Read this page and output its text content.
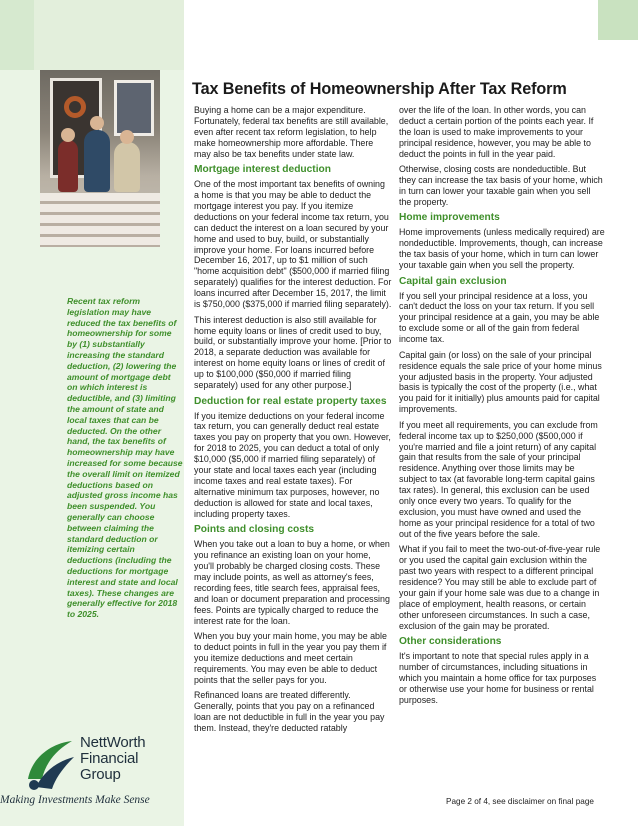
Recent tax reform legislation may have reduced the tax benefits of homeownership for some by (1) substantially increasing the standard deduction, (2) lowering the amount of mortgage debt on which interest is deductible, and (3) limiting the amount of state and local taxes that can be deducted. On the other hand, the tax benefits of homeownership may have increased for some because the overall limit on itemized deductions based on adjusted gross income has been suspended. You generally can choose between claiming the standard deduction or itemizing certain deductions (including the deductions for mortgage interest and state and local taxes). These changes are generally effective for 2018 to 2025.
NettWorth
Financial
Group
Making Investments Make Sense
Tax Benefits of Homeownership After Tax Reform

Buying a home can be a major expenditure. Fortunately, federal tax benefits are still available, even after recent tax reform legislation, to help make homeownership more affordable. There may also be tax benefits under state law.

Mortgage interest deduction

One of the most important tax benefits of owning a home is that you may be able to deduct the mortgage interest you pay. If you itemize deductions on your federal income tax return, you can deduct the interest on a loan secured by your home and used to buy, build, or substantially improve your home. For loans incurred before December 16, 2017, up to $1 million of such "home acquisition debt" ($500,000 if married filing separately) qualifies for the interest deduction. For loans incurred after December 15, 2017, the limit is $750,000 ($375,000 if married filing separately).

This interest deduction is also still available for home equity loans or lines of credit used to buy, build, or substantially improve your home. [Prior to 2018, a separate deduction was available for interest on home equity loans or lines of credit of up to $100,000 ($50,000 if married filing separately) used for any other purpose.]

Deduction for real estate property taxes

If you itemize deductions on your federal income tax return, you can generally deduct real estate taxes you pay on property that you own. However, for 2018 to 2025, you can deduct a total of only $10,000 ($5,000 if married filing separately) of your state and local taxes each year (including income taxes and real estate taxes). For alternative minimum tax purposes, however, no deduction is allowed for state and local taxes, including property taxes.

Points and closing costs

When you take out a loan to buy a home, or when you refinance an existing loan on your home, you'll probably be charged closing costs. These may include points, as well as attorney's fees, recording fees, title search fees, appraisal fees, and loan or document preparation and processing fees. Points are typically charged to reduce the interest rate for the loan.

When you buy your main home, you may be able to deduct points in full in the year you pay them if you itemize deductions and meet certain requirements. You may even be able to deduct points that the seller pays for you.

Refinanced loans are treated differently. Generally, points that you pay on a refinanced loan are not deductible in full in the year you pay them. Instead, they're deducted ratably

over the life of the loan. In other words, you can deduct a certain portion of the points each year. If the loan is used to make improvements to your principal residence, however, you may be able to deduct the points in full in the year paid.

Otherwise, closing costs are nondeductible. But they can increase the tax basis of your home, which in turn can lower your taxable gain when you sell the property.

Home improvements

Home improvements (unless medically required) are nondeductible. Improvements, though, can increase the tax basis of your home, which in turn can lower your taxable gain when you sell the property.

Capital gain exclusion

If you sell your principal residence at a loss, you can't deduct the loss on your tax return. If you sell your principal residence at a gain, you may be able to exclude some or all of the gain from federal income tax.

Capital gain (or loss) on the sale of your principal residence equals the sale price of your home minus your adjusted basis in the property. Your adjusted basis is typically the cost of the property (i.e., what you paid for it initially) plus amounts paid for capital improvements.

If you meet all requirements, you can exclude from federal income tax up to $250,000 ($500,000 if you're married and file a joint return) of any capital gain that results from the sale of your principal residence. Anything over those limits may be subject to tax (at favorable long-term capital gains tax rates). In general, this exclusion can be used only once every two years. To qualify for the exclusion, you must have owned and used the home as your principal residence for a total of two out of the five years before the sale.

What if you fail to meet the two-out-of-five-year rule or you used the capital gain exclusion within the past two years with respect to a different principal residence? You may still be able to exclude part of your gain if your home sale was due to a change in place of employment, health reasons, or certain other unforeseen circumstances. In such a case, exclusion of the gain may be prorated.

Other considerations

It's important to note that special rules apply in a number of circumstances, including situations in which you maintain a home office for tax purposes or otherwise use your home for business or rental purposes.

Page 2 of 4, see disclaimer on final page
